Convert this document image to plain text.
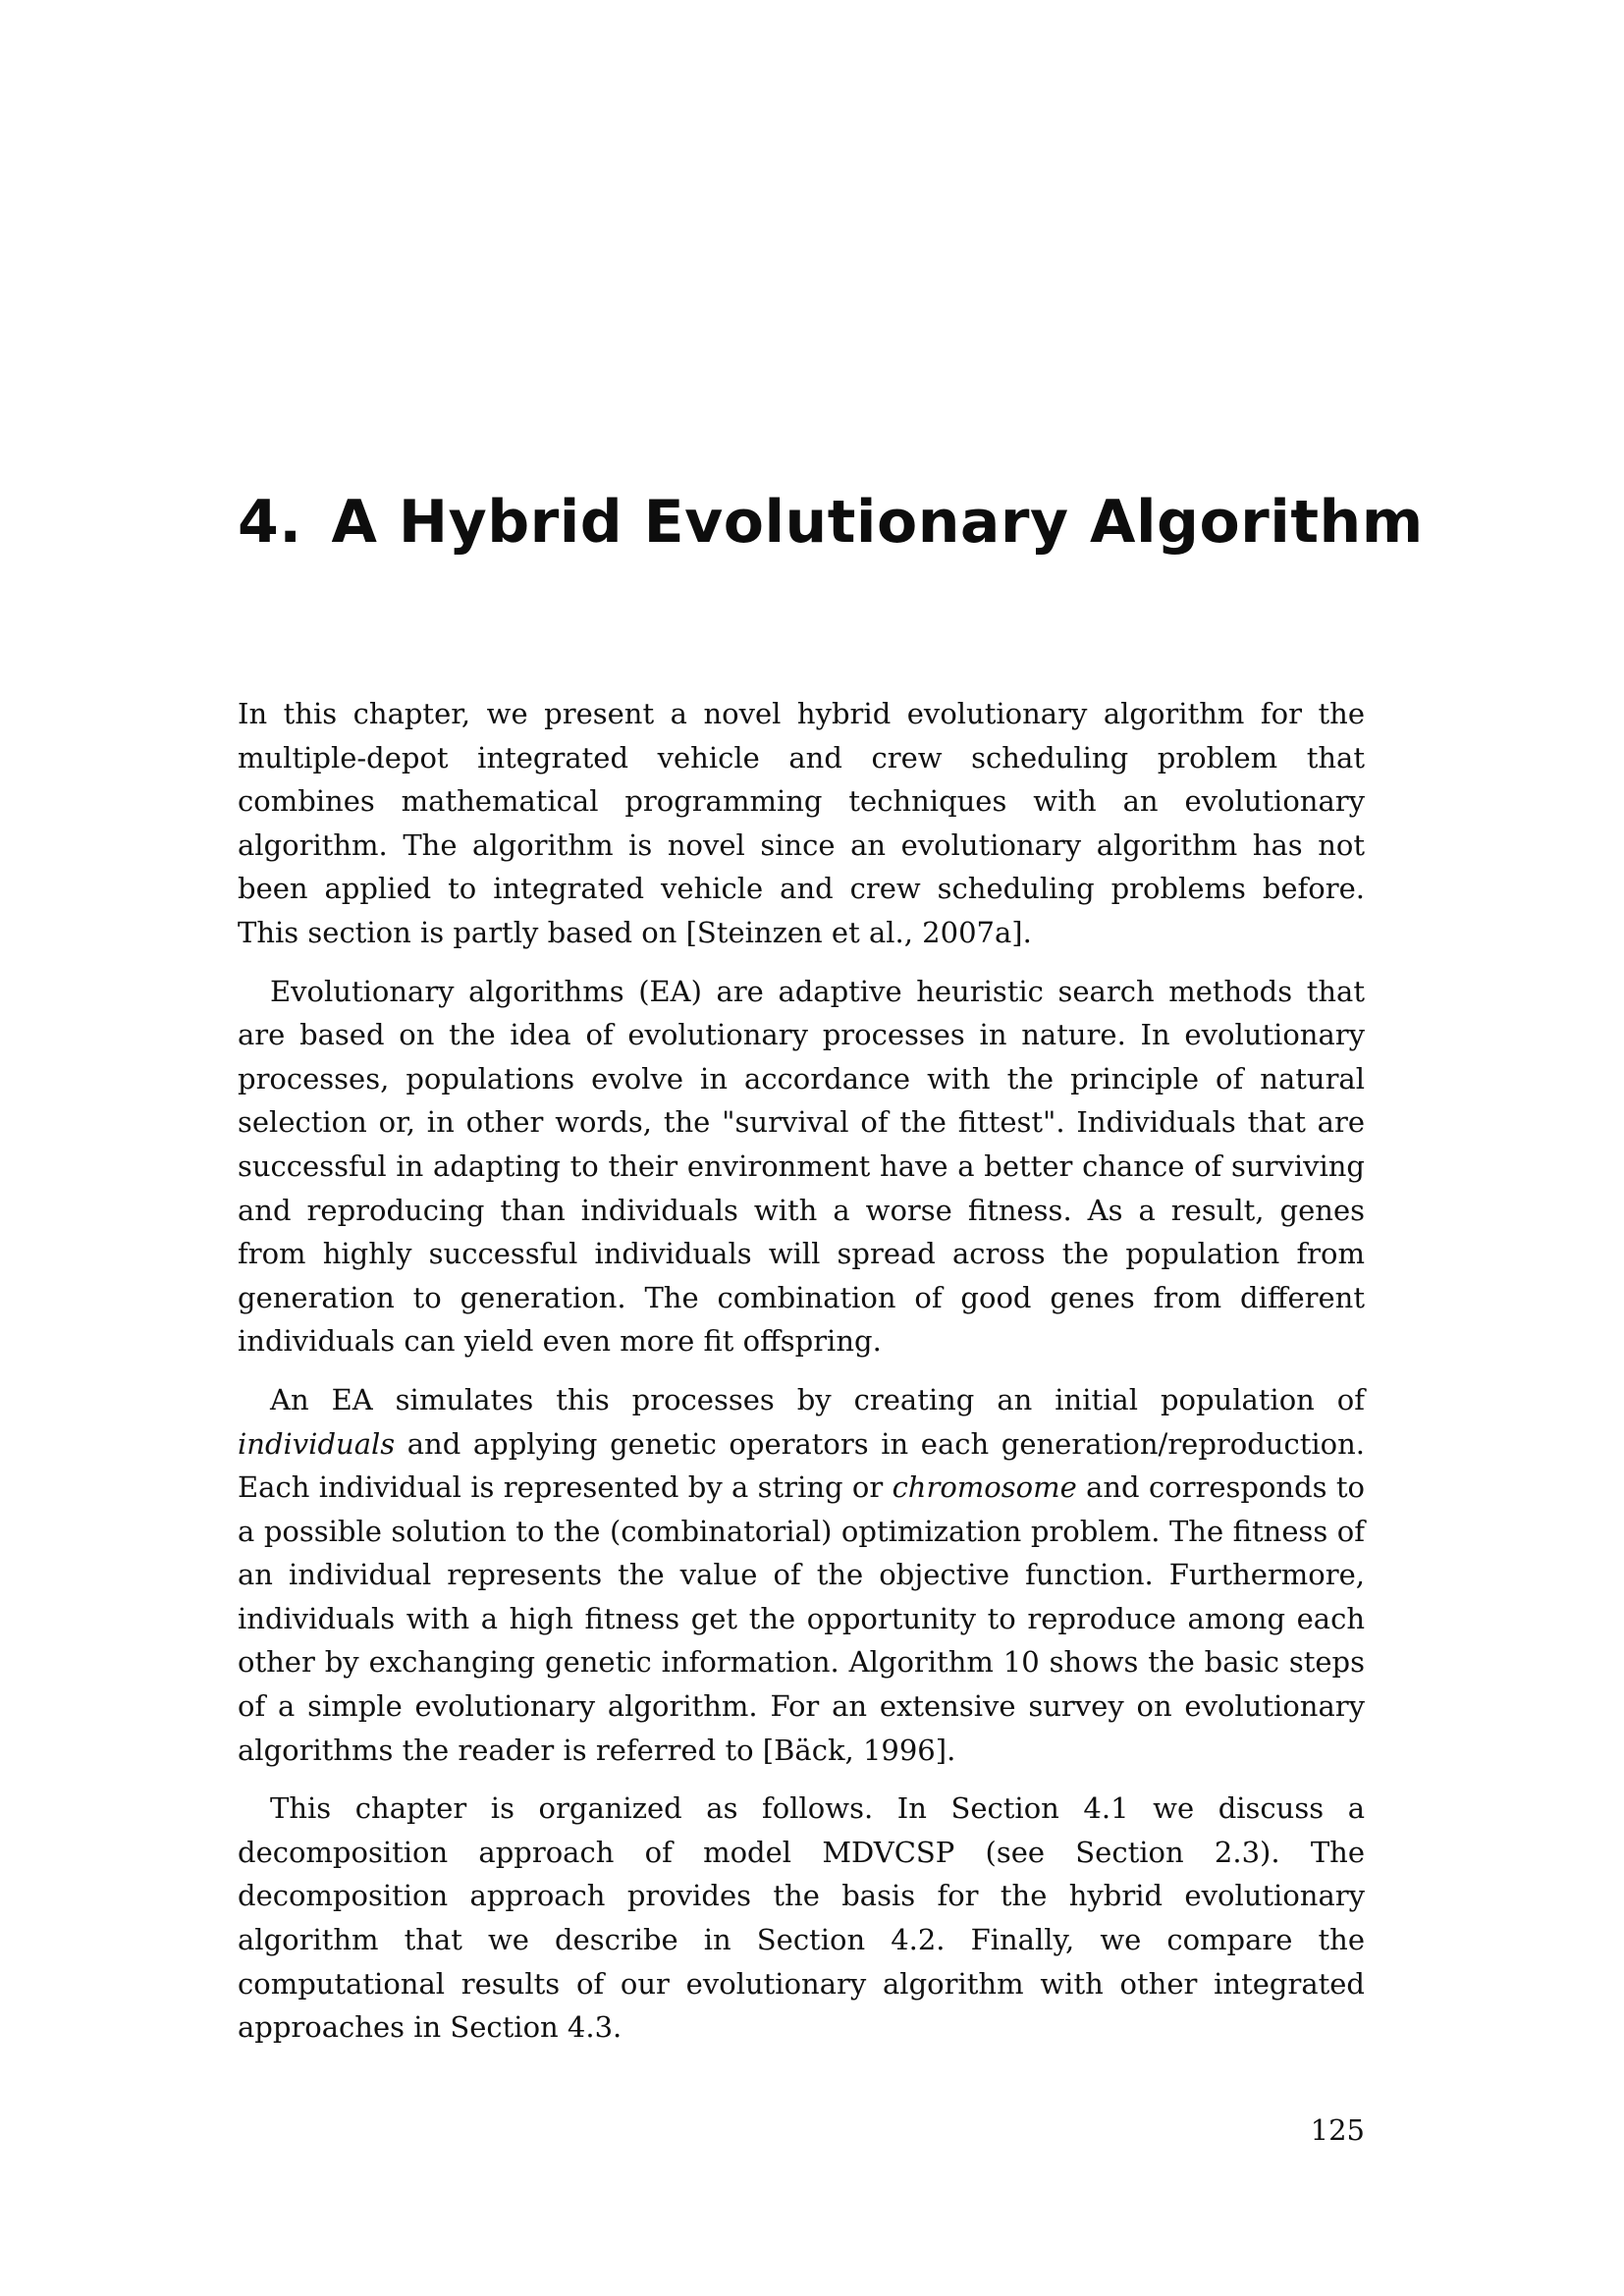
4. A Hybrid Evolutionary Algorithm

In this chapter, we present a novel hybrid evolutionary algorithm for the multiple-depot integrated vehicle and crew scheduling problem that combines mathematical programming techniques with an evolutionary algorithm. The algorithm is novel since an evolutionary algorithm has not been applied to integrated vehicle and crew scheduling problems before. This section is partly based on [Steinzen et al., 2007a].

Evolutionary algorithms (EA) are adaptive heuristic search methods that are based on the idea of evolutionary processes in nature. In evolutionary processes, populations evolve in accordance with the principle of natural selection or, in other words, the "survival of the fittest". Individuals that are successful in adapting to their environment have a better chance of surviving and reproducing than individuals with a worse fitness. As a result, genes from highly successful individuals will spread across the population from generation to generation. The combination of good genes from different individuals can yield even more fit offspring.

An EA simulates this processes by creating an initial population of individuals and applying genetic operators in each generation/reproduction. Each individual is represented by a string or chromosome and corresponds to a possible solution to the (combinatorial) optimization problem. The fitness of an individual represents the value of the objective function. Furthermore, individuals with a high fitness get the opportunity to reproduce among each other by exchanging genetic information. Algorithm 10 shows the basic steps of a simple evolutionary algorithm. For an extensive survey on evolutionary algorithms the reader is referred to [Bäck, 1996].

This chapter is organized as follows. In Section 4.1 we discuss a decomposition approach of model MDVCSP (see Section 2.3). The decomposition approach provides the basis for the hybrid evolutionary algorithm that we describe in Section 4.2. Finally, we compare the computational results of our evolutionary algorithm with other integrated approaches in Section 4.3.

125
